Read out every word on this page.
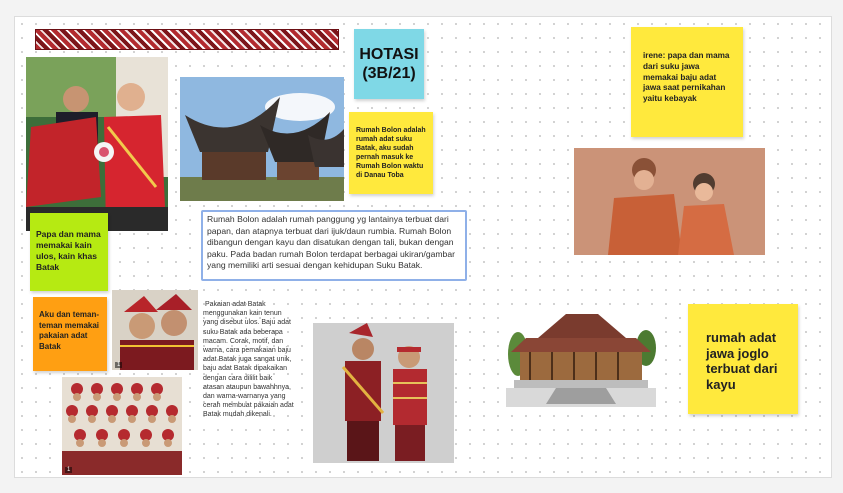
HOTASI
(3B/21)
Rumah Bolon adalah rumah adat suku Batak, aku sudah pernah masuk ke Rumah Bolon waktu di Danau Toba
Papa dan mama memakai kain ulos, kain khas Batak
Rumah Bolon adalah rumah panggung yg lantainya terbuat dari papan, dan atapnya terbuat dari ijuk/daun rumbia. Rumah Bolon dibangun dengan kayu dan disatukan dengan tali, bukan dengan paku. Pada badan rumah Bolon terdapat berbagai ukiran/gambar yang memiliki arti sesuai dengan kehidupan Suku Batak.
Aku dan teman-teman memakai pakaian adat Batak
1
1
Pakaian adat Batak menggunakan kain tenun yang disebut ulos. Baju adat suku Batak ada beberapa macam. Corak, motif, dan warna, cara pemakaian baju adat Batak juga sangat unik, baju adat Batak dipakaikan dengan cara dililit baik atasan ataupun bawahhnya, dan warna-warnanya yang cerah membuat pakaian adat Batak mudah dikenali.
irene: papa dan mama dari suku jawa memakai baju adat jawa saat pernikahan yaitu kebayak
rumah adat jawa joglo terbuat dari kayu
